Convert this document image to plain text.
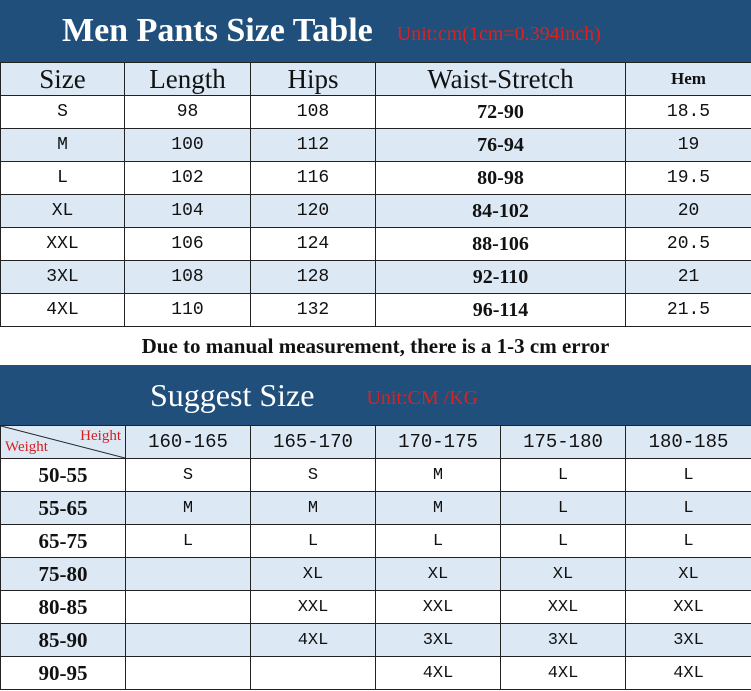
Men Pants Size Table Unit:cm(1cm=0.394inch)
Size	Length	Hips	Waist-Stretch	Hem
S	98	108	72-90	18.5
M	100	112	76-94	19
L	102	116	80-98	19.5
XL	104	120	84-102	20
XXL	106	124	88-106	20.5
3XL	108	128	92-110	21
4XL	110	132	96-114	21.5
Due to manual measurement, there is a 1-3 cm error
Suggest Size	Unit:CM /KG
Height
Weight	160-165	165-170	170-175	175-180	180-185
50-55	S	S	M	L	L
55-65	M	M	M	L	L
65-75	L	L	L	L	L
75-80		XL	XL	XL	XL
80-85		XXL	XXL	XXL	XXL
85-90		4XL	3XL	3XL	3XL
90-95			4XL	4XL	4XL
